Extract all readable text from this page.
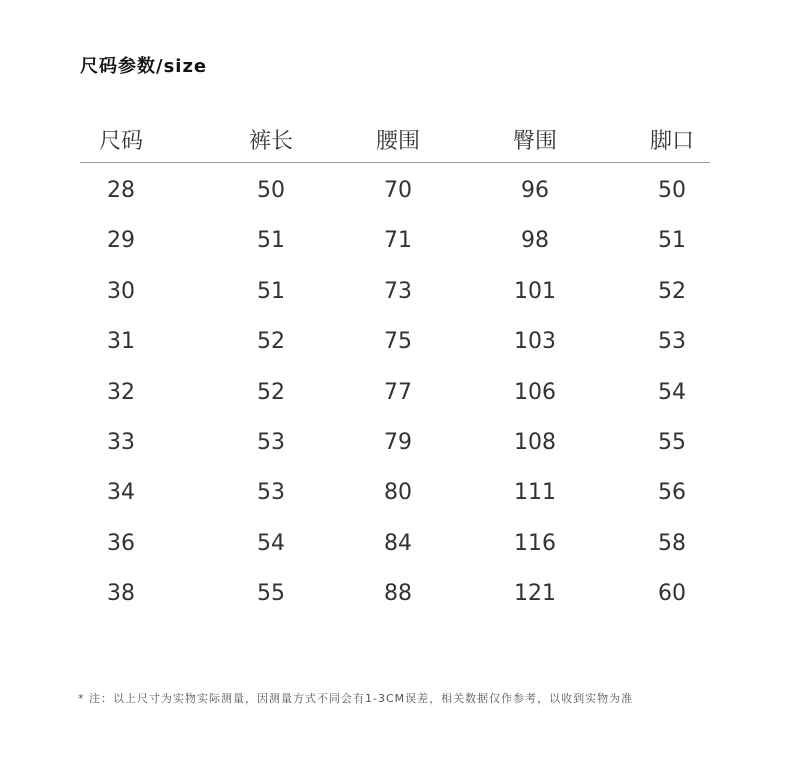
尺码参数/size
尺码	裤长	腰围	臀围	脚口
28	50	70	96	50
29	51	71	98	51
30	51	73	101	52
31	52	75	103	53
32	52	77	106	54
33	53	79	108	55
34	53	80	111	56
36	54	84	116	58
38	55	88	121	60
* 注：以上尺寸为实物实际测量，因测量方式不同会有1-3CM误差，相关数据仅作参考，以收到实物为准
